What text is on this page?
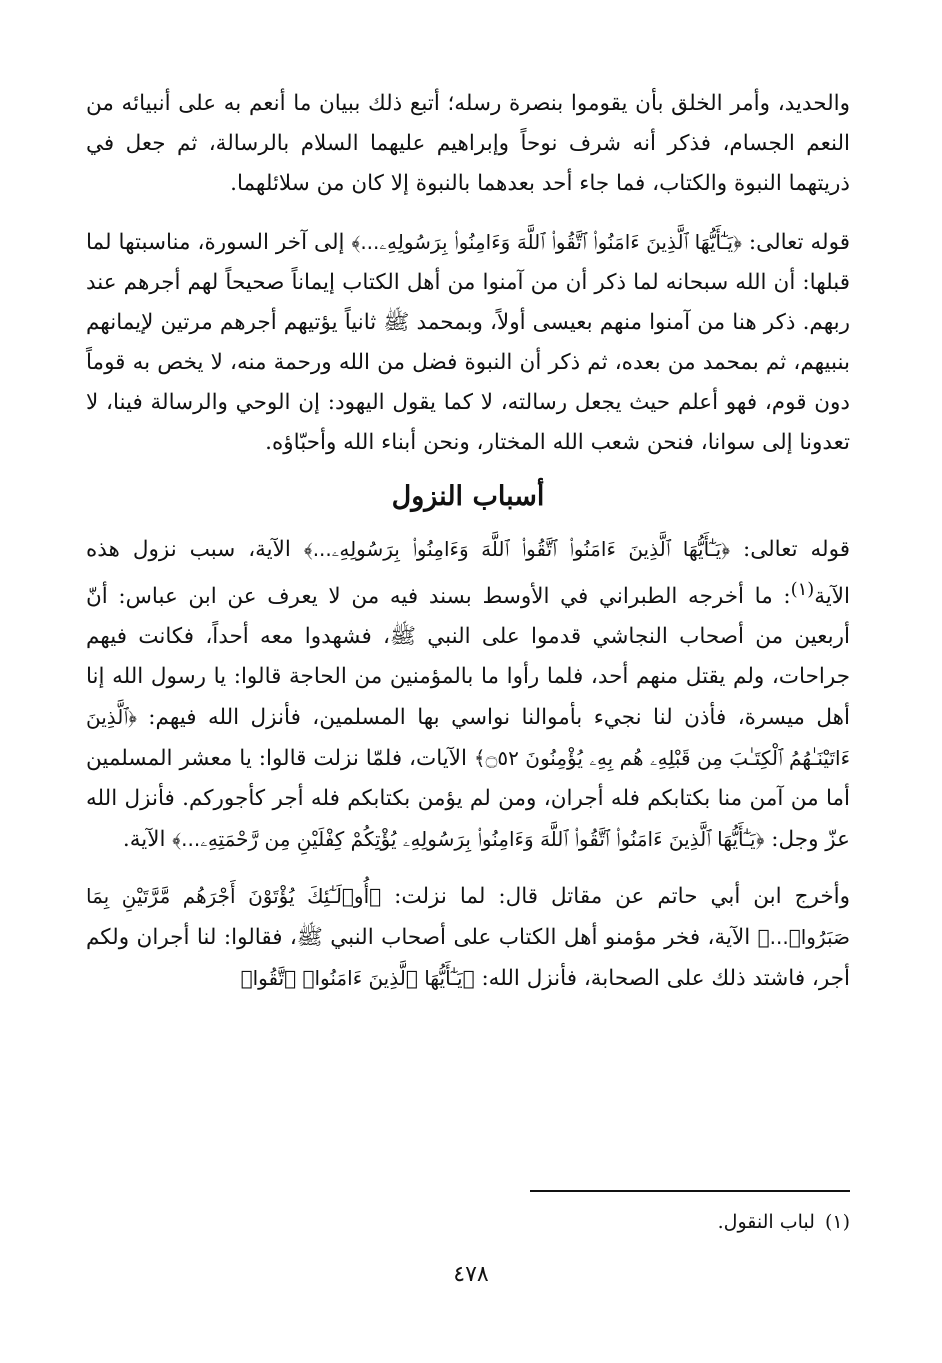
والحديد، وأمر الخلق بأن يقوموا بنصرة رسله؛ أتبع ذلك ببيان ما أنعم به على أنبيائه من النعم الجسام، فذكر أنه شرف نوحاً وإبراهيم عليهما السلام بالرسالة، ثم جعل في ذريتهما النبوة والكتاب، فما جاء أحد بعدهما بالنبوة إلا كان من سلائلهما.

قوله تعالى: ﴿يَـٰٓأَيُّهَا ٱلَّذِينَ ءَامَنُوا۟ ٱتَّقُوا۟ ٱللَّهَ وَءَامِنُوا۟ بِرَسُولِهِۦ...﴾ إلى آخر السورة، مناسبتها لما قبلها: أن الله سبحانه لما ذكر أن من آمنوا من أهل الكتاب إيماناً صحيحاً لهم أجرهم عند ربهم. ذكر هنا من آمنوا منهم بعيسى أولاً، وبمحمد ﷺ ثانياً يؤتيهم أجرهم مرتين لإيمانهم بنبيهم، ثم بمحمد من بعده، ثم ذكر أن النبوة فضل من الله ورحمة منه، لا يخص به قوماً دون قوم، فهو أعلم حيث يجعل رسالته، لا كما يقول اليهود: إن الوحي والرسالة فينا، لا تعدونا إلى سوانا، فنحن شعب الله المختار، ونحن أبناء الله وأحبّاؤه.

أسباب النزول

قوله تعالى: ﴿يَـٰٓأَيُّهَا ٱلَّذِينَ ءَامَنُوا۟ ٱتَّقُوا۟ ٱللَّهَ وَءَامِنُوا۟ بِرَسُولِهِۦ...﴾ الآية، سبب نزول هذه الآية$^{(١)}$: ما أخرجه الطبراني في الأوسط بسند فيه من لا يعرف عن ابن عباس: أنّ أربعين من أصحاب النجاشي قدموا على النبي ﷺ، فشهدوا معه أحداً، فكانت فيهم جراحات، ولم يقتل منهم أحد، فلما رأوا ما بالمؤمنين من الحاجة قالوا: يا رسول الله إنا أهل ميسرة، فأذن لنا نجيء بأموالنا نواسي بها المسلمين، فأنزل الله فيهم: ﴿ٱلَّذِينَ ءَاتَيْنَـٰهُمُ ٱلْكِتَـٰبَ مِن قَبْلِهِۦ هُم بِهِۦ يُؤْمِنُونَ ۝٥٢﴾ الآيات، فلمّا نزلت قالوا: يا معشر المسلمين أما من آمن منا بكتابكم فله أجران، ومن لم يؤمن بكتابكم فله أجر كأجوركم. فأنزل الله عزّ وجل: ﴿يَـٰٓأَيُّهَا ٱلَّذِينَ ءَامَنُوا۟ ٱتَّقُوا۟ ٱللَّهَ وَءَامِنُوا۟ بِرَسُولِهِۦ يُؤْتِكُمْ كِفْلَيْنِ مِن رَّحْمَتِهِۦ...﴾ الآية.

وأخرج ابن أبي حاتم عن مقاتل قال: لما نزلت: ﴿أُو۟لَـٰٓئِكَ يُؤْتَوْنَ أَجْرَهُم مَّرَّتَيْنِ بِمَا صَبَرُوا۟...﴾ الآية، فخر مؤمنو أهل الكتاب على أصحاب النبي ﷺ، فقالوا: لنا أجران ولكم أجر، فاشتد ذلك على الصحابة، فأنزل الله: ﴿يَـٰٓأَيُّهَا ٱلَّذِينَ ءَامَنُوا۟ ٱتَّقُوا۟

(١)لباب النقول.
٤٧٨
